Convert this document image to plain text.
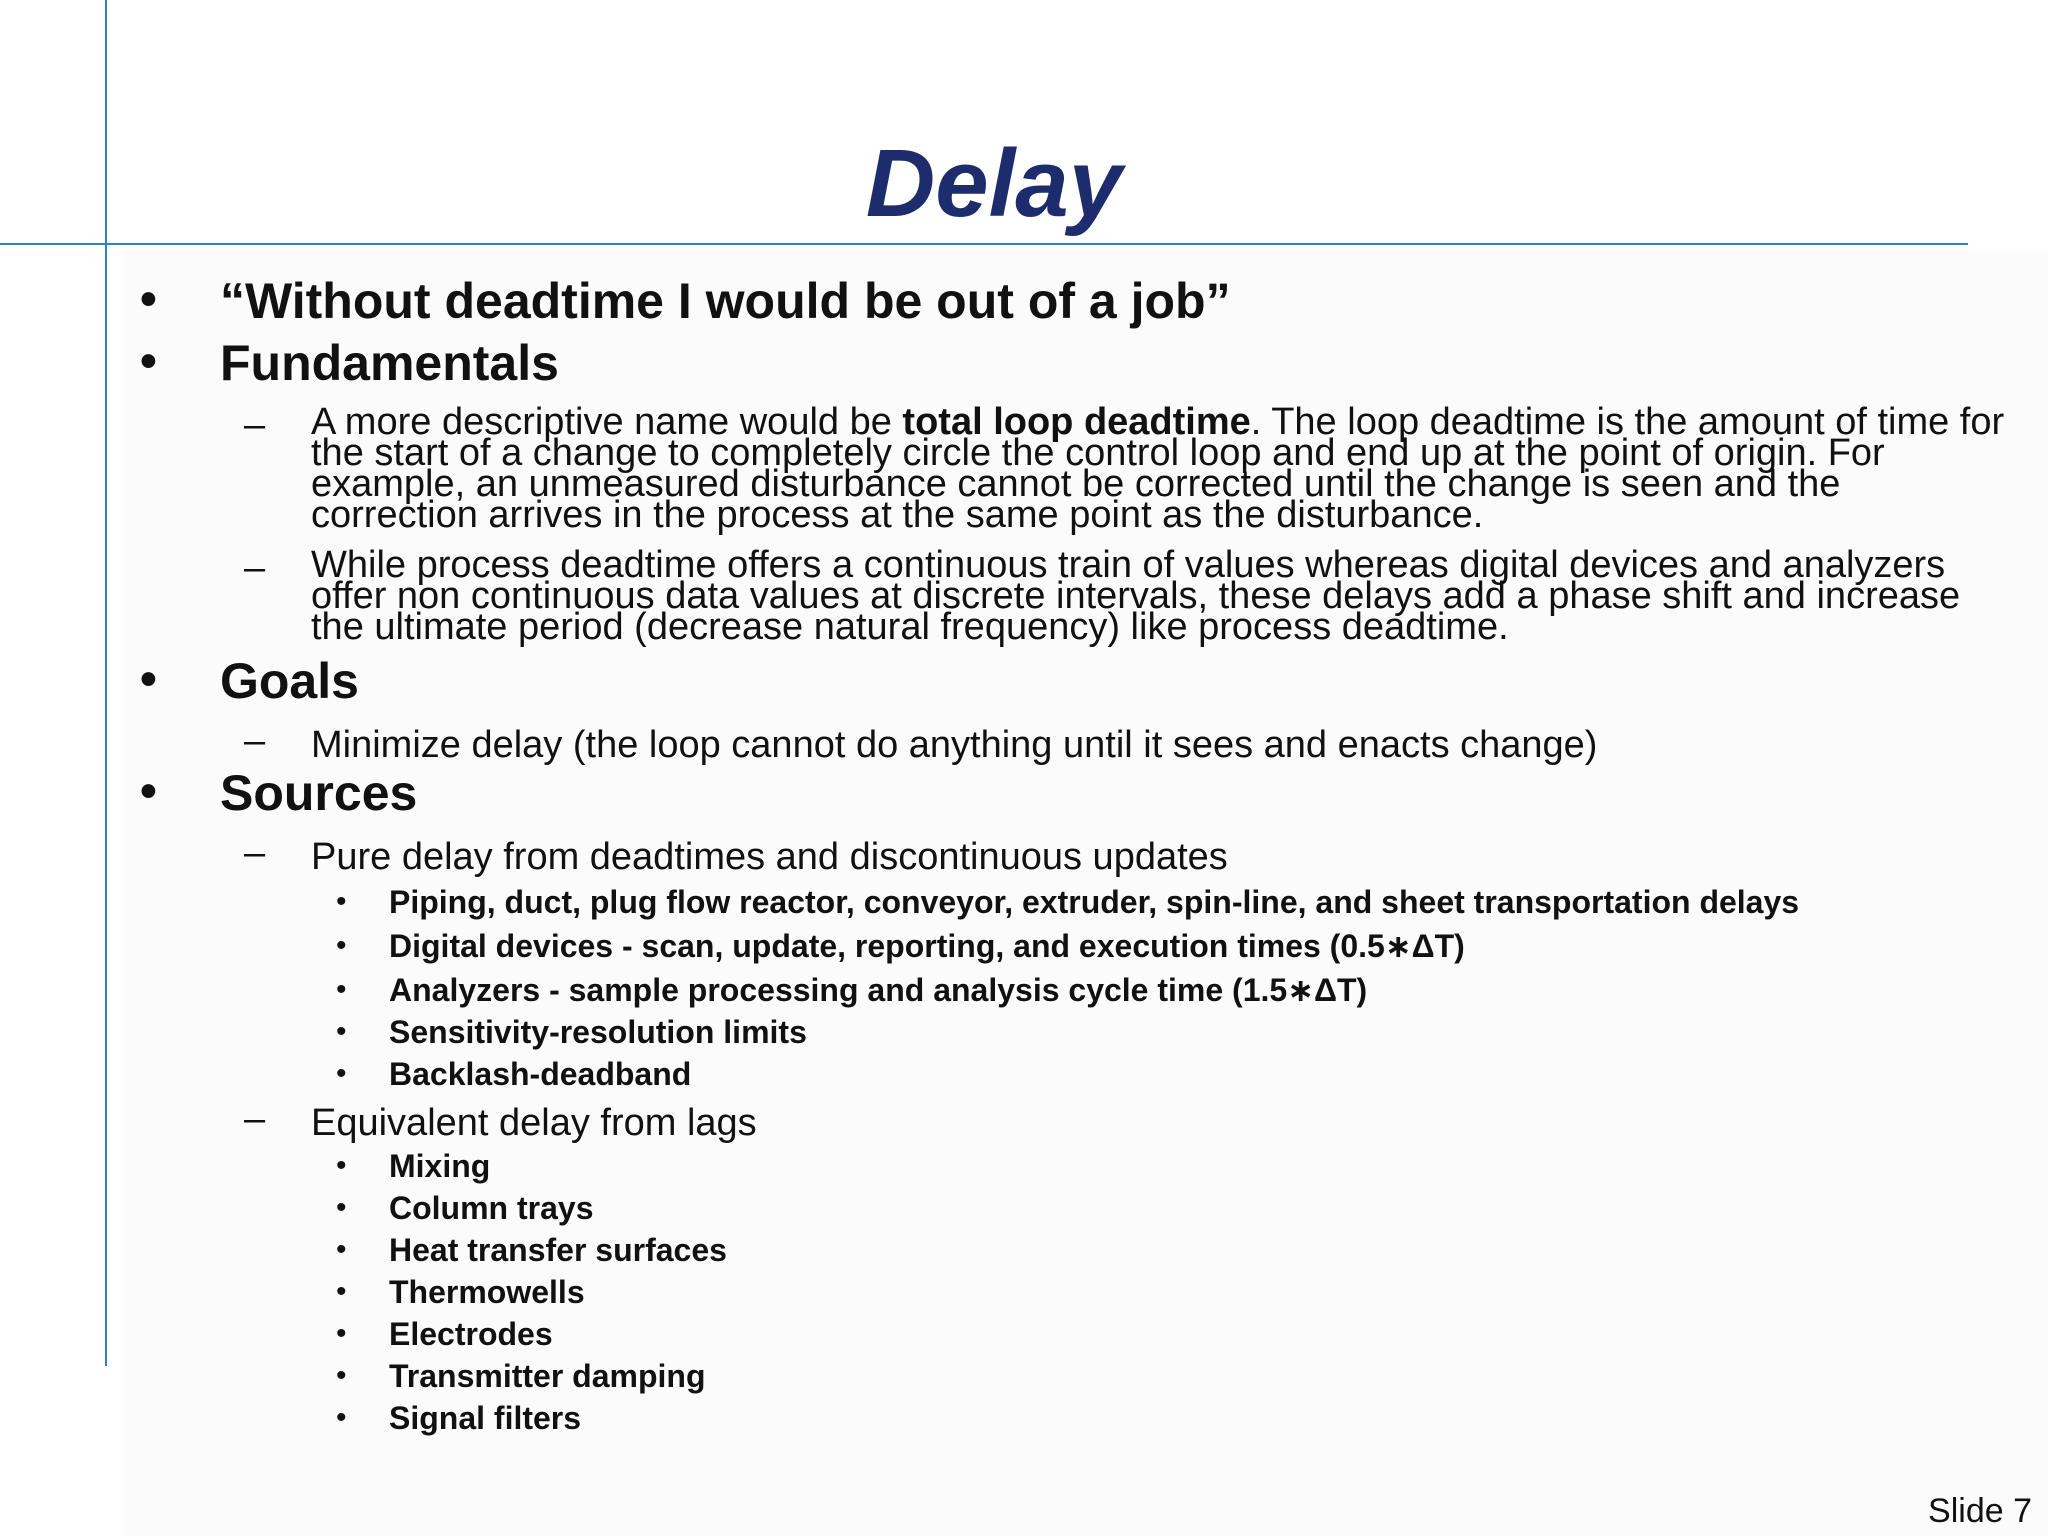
Delay
• “Without deadtime I would be out of a job”
• Fundamentals
– A more descriptive name would be total loop deadtime. The loop deadtime is the amount of time for the start of a change to completely circle the control loop and end up at the point of origin. For example, an unmeasured disturbance cannot be corrected until the change is seen and the correction arrives in the process at the same point as the disturbance.
– While process deadtime offers a continuous train of values whereas digital devices and analyzers offer non continuous data values at discrete intervals, these delays add a phase shift and increase the ultimate period (decrease natural frequency) like process deadtime.
• Goals
– Minimize delay (the loop cannot do anything until it sees and enacts change)
• Sources
– Pure delay from deadtimes and discontinuous updates
• Piping, duct, plug flow reactor, conveyor, extruder, spin-line, and sheet transportation delays
• Digital devices - scan, update, reporting, and execution times (0.5∗ΔT)
• Analyzers - sample processing and analysis cycle time (1.5∗ΔT)
• Sensitivity-resolution limits
• Backlash-deadband
– Equivalent delay from lags
• Mixing
• Column trays
• Heat transfer surfaces
• Thermowells
• Electrodes
• Transmitter damping
• Signal filters
Slide 7
